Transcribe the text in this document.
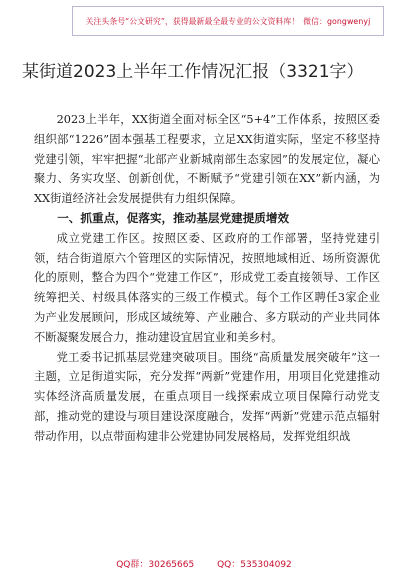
关注头条号“公文研究”，获得最新最全最专业的公文资料库！ 微信：gongwenyj
某街道2023上半年工作情况汇报（3321字）

2023上半年，XX街道全面对标全区“5+4”工作体系，按照区委组织部“1226”固本强基工程要求，立足XX街道实际，坚定不移坚持党建引领，牢牢把握“北部产业新城南部生态家园”的发展定位，凝心聚力、务实攻坚、创新创优，不断赋予“党建引领在XX”新内涵，为XX街道经济社会发展提供有力组织保障。

一、抓重点，促落实，推动基层党建提质增效

成立党建工作区。按照区委、区政府的工作部署，坚持党建引领，结合街道原六个管理区的实际情况，按照地域相近、场所资源优化的原则，整合为四个“党建工作区”，形成党工委直接领导、工作区统筹把关、村级具体落实的三级工作模式。每个工作区聘任3家企业为产业发展顾问，形成区域统筹、产业融合、多方联动的产业共同体不断凝聚发展合力，推动建设宜居宜业和美乡村。

党工委书记抓基层党建突破项目。围绕“高质量发展突破年”这一主题，立足街道实际，充分发挥“两新”党建作用，用项目化党建推动实体经济高质量发展，在重点项目一线探索成立项目保障行动党支部，推动党的建设与项目建设深度融合，发挥“两新”党建示范点辐射带动作用，以点带面构建非公党建协同发展格局，发挥党组织战

QQ群：30265665	QQ：535304092
